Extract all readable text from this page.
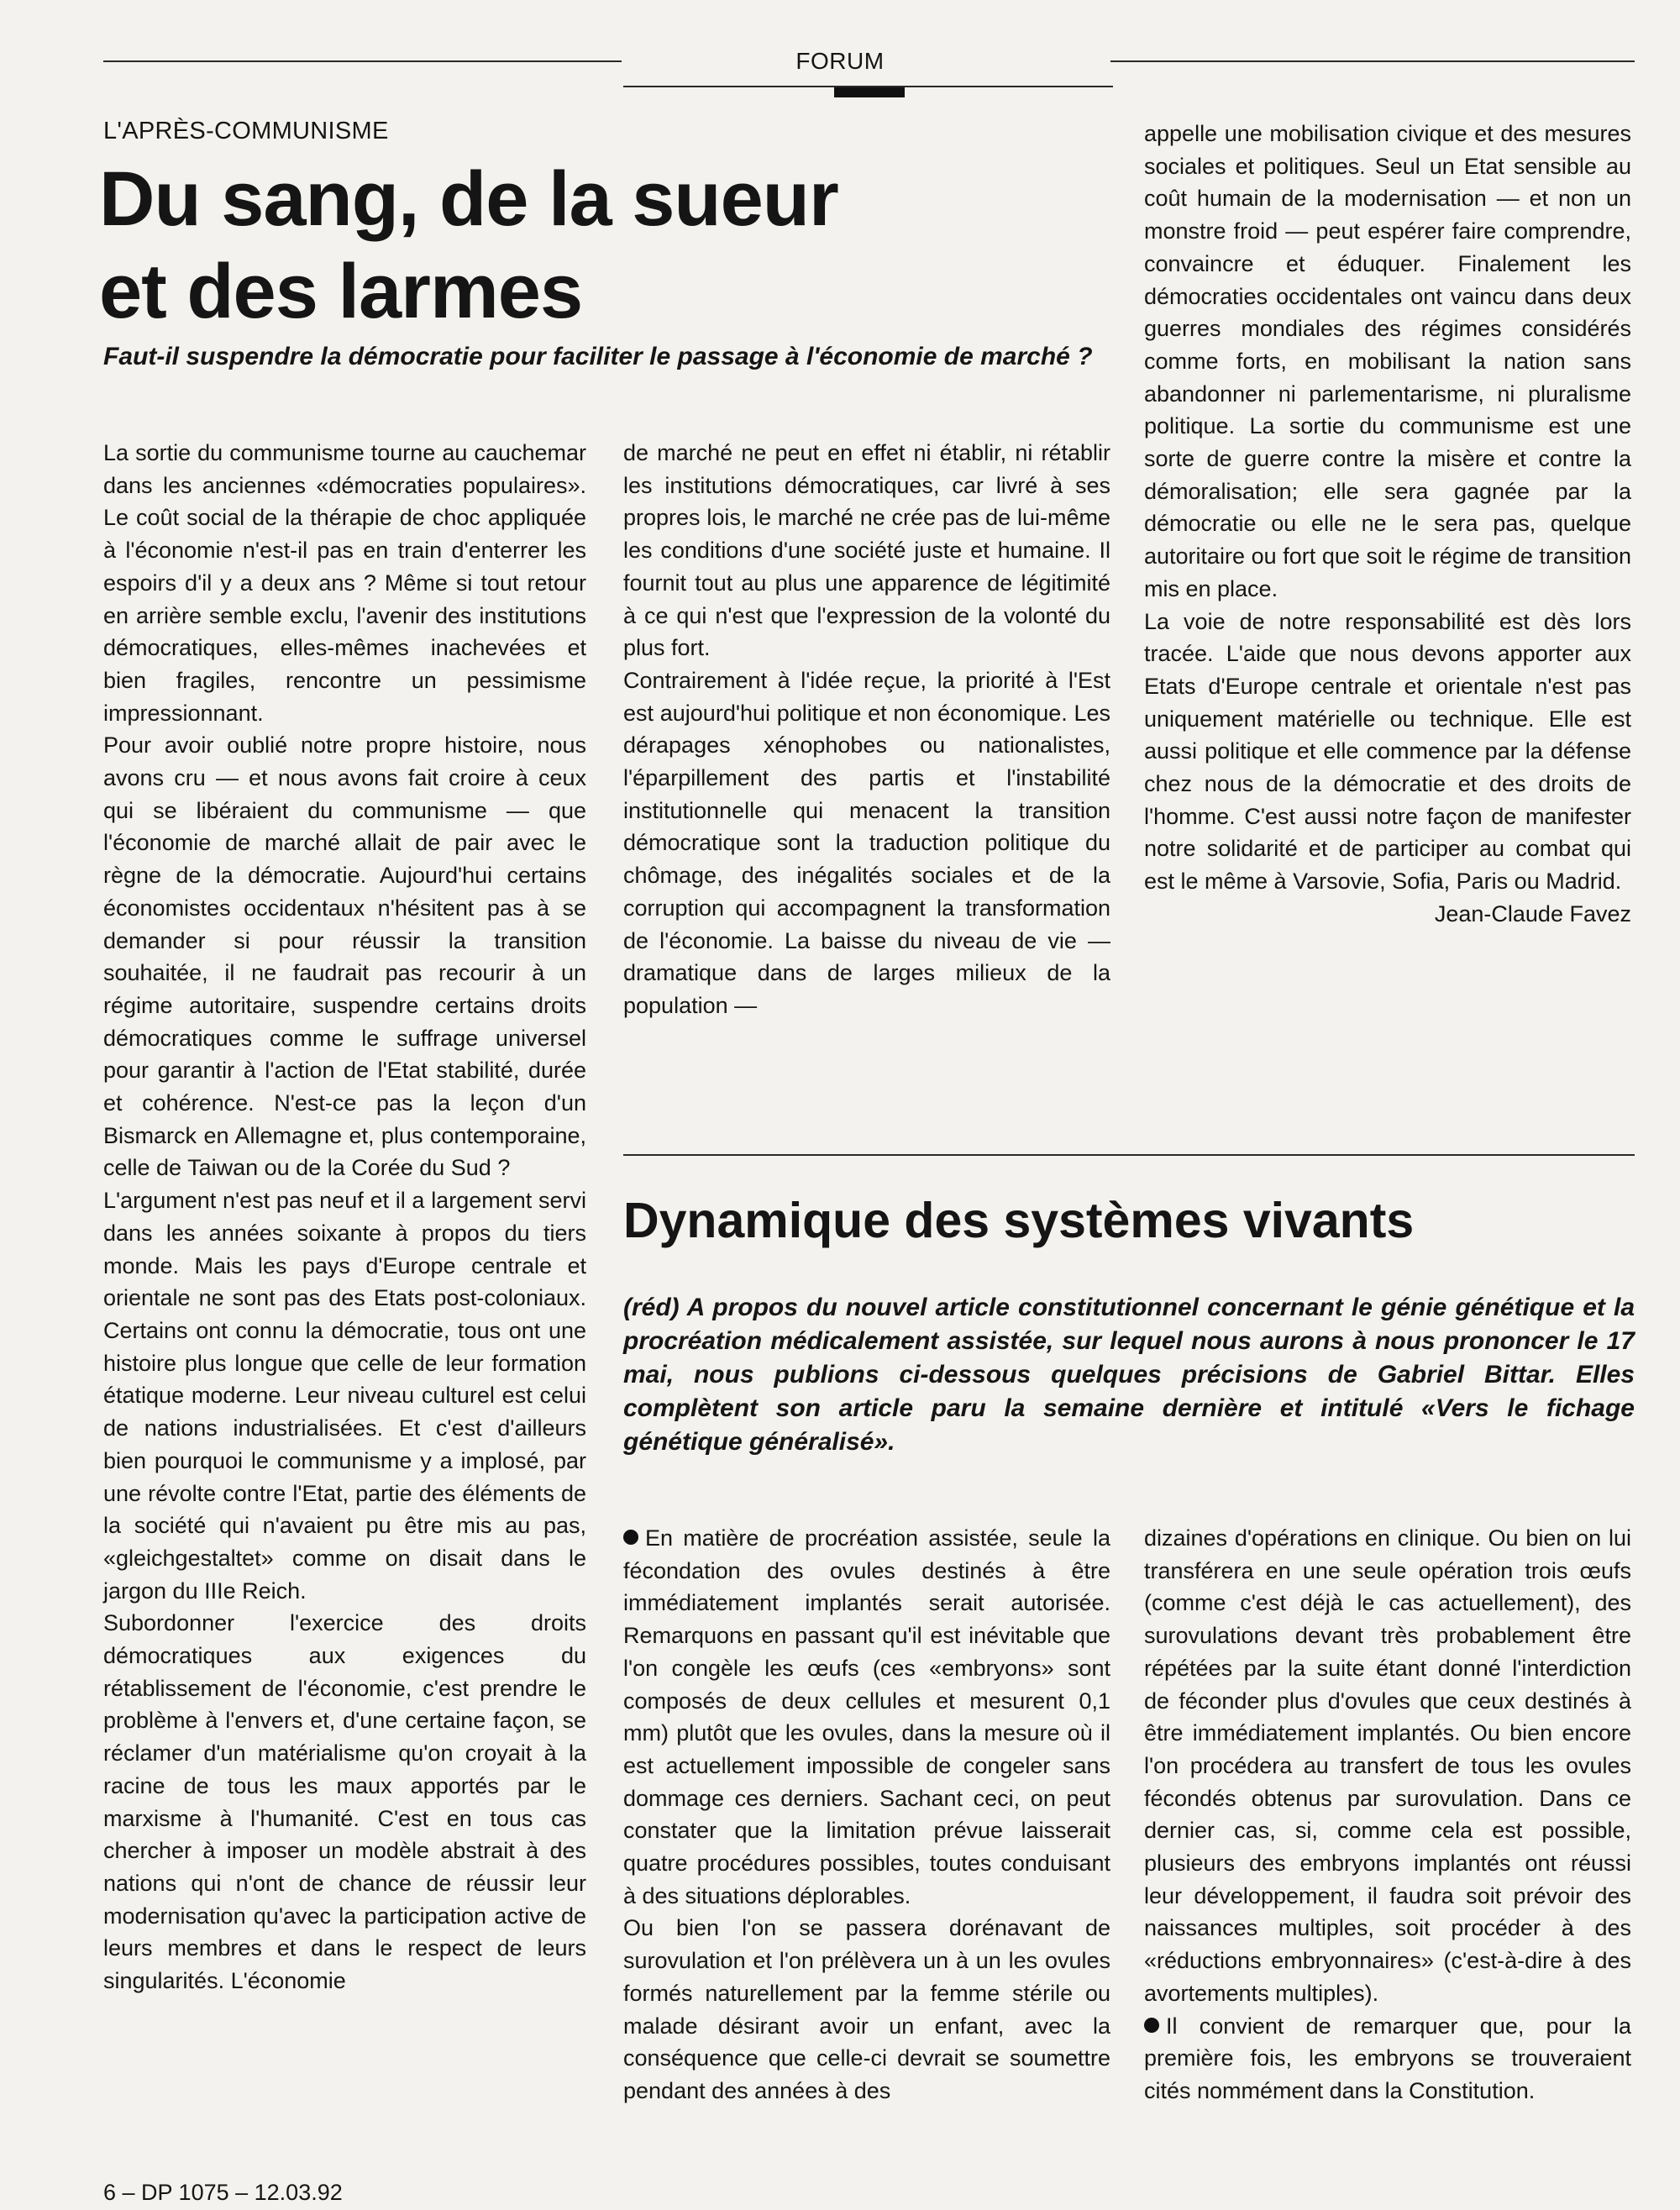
FORUM
L'APRÈS-COMMUNISME
Du sang, de la sueur
et des larmes

Faut-il suspendre la démocratie pour faciliter le passage à l'économie de marché ?

La sortie du communisme tourne au cauchemar dans les anciennes «démocraties populaires». Le coût social de la thérapie de choc appliquée à l'économie n'est-il pas en train d'enterrer les espoirs d'il y a deux ans ? Même si tout retour en arrière semble exclu, l'avenir des institutions démocratiques, elles-mêmes inachevées et bien fragiles, rencontre un pessimisme impressionnant.

Pour avoir oublié notre propre histoire, nous avons cru — et nous avons fait croire à ceux qui se libéraient du communisme — que l'économie de marché allait de pair avec le règne de la démocratie. Aujourd'hui certains économistes occidentaux n'hésitent pas à se demander si pour réussir la transition souhaitée, il ne faudrait pas recourir à un régime autoritaire, suspendre certains droits démocratiques comme le suffrage universel pour garantir à l'action de l'Etat stabilité, durée et cohérence. N'est-ce pas la leçon d'un Bismarck en Allemagne et, plus contemporaine, celle de Taiwan ou de la Corée du Sud ?

L'argument n'est pas neuf et il a largement servi dans les années soixante à propos du tiers monde. Mais les pays d'Europe centrale et orientale ne sont pas des Etats post-coloniaux. Certains ont connu la démocratie, tous ont une histoire plus longue que celle de leur formation étatique moderne. Leur niveau culturel est celui de nations industrialisées. Et c'est d'ailleurs bien pourquoi le communisme y a implosé, par une révolte contre l'Etat, partie des éléments de la société qui n'avaient pu être mis au pas, «gleichgestaltet» comme on disait dans le jargon du IIIe Reich.

Subordonner l'exercice des droits démocratiques aux exigences du rétablissement de l'économie, c'est prendre le problème à l'envers et, d'une certaine façon, se réclamer d'un matérialisme qu'on croyait à la racine de tous les maux apportés par le marxisme à l'humanité. C'est en tous cas chercher à imposer un modèle abstrait à des nations qui n'ont de chance de réussir leur modernisation qu'avec la participation active de leurs membres et dans le respect de leurs singularités. L'économie

de marché ne peut en effet ni établir, ni rétablir les institutions démocratiques, car livré à ses propres lois, le marché ne crée pas de lui-même les conditions d'une société juste et humaine. Il fournit tout au plus une apparence de légitimité à ce qui n'est que l'expression de la volonté du plus fort.

Contrairement à l'idée reçue, la priorité à l'Est est aujourd'hui politique et non économique. Les dérapages xénophobes ou nationalistes, l'éparpillement des partis et l'instabilité institutionnelle qui menacent la transition démocratique sont la traduction politique du chômage, des inégalités sociales et de la corruption qui accompagnent la transformation de l'économie. La baisse du niveau de vie — dramatique dans de larges milieux de la population —

appelle une mobilisation civique et des mesures sociales et politiques. Seul un Etat sensible au coût humain de la modernisation — et non un monstre froid — peut espérer faire comprendre, convaincre et éduquer. Finalement les démocraties occidentales ont vaincu dans deux guerres mondiales des régimes considérés comme forts, en mobilisant la nation sans abandonner ni parlementarisme, ni pluralisme politique. La sortie du communisme est une sorte de guerre contre la misère et contre la démoralisation; elle sera gagnée par la démocratie ou elle ne le sera pas, quelque autoritaire ou fort que soit le régime de transition mis en place.

La voie de notre responsabilité est dès lors tracée. L'aide que nous devons apporter aux Etats d'Europe centrale et orientale n'est pas uniquement matérielle ou technique. Elle est aussi politique et elle commence par la défense chez nous de la démocratie et des droits de l'homme. C'est aussi notre façon de manifester notre solidarité et de participer au combat qui est le même à Varsovie, Sofia, Paris ou Madrid.

Jean-Claude Favez

Dynamique des systèmes vivants

(réd) A propos du nouvel article constitutionnel concernant le génie génétique et la procréation médicalement assistée, sur lequel nous aurons à nous prononcer le 17 mai, nous publions ci-dessous quelques précisions de Gabriel Bittar. Elles complètent son article paru la semaine dernière et intitulé «Vers le fichage génétique généralisé».

En matière de procréation assistée, seule la fécondation des ovules destinés à être immédiatement implantés serait autorisée. Remarquons en passant qu'il est inévitable que l'on congèle les œufs (ces «embryons» sont composés de deux cellules et mesurent 0,1 mm) plutôt que les ovules, dans la mesure où il est actuellement impossible de congeler sans dommage ces derniers. Sachant ceci, on peut constater que la limitation prévue laisserait quatre procédures possibles, toutes conduisant à des situations déplorables.

Ou bien l'on se passera dorénavant de surovulation et l'on prélèvera un à un les ovules formés naturellement par la femme stérile ou malade désirant avoir un enfant, avec la conséquence que celle-ci devrait se soumettre pendant des années à des

dizaines d'opérations en clinique. Ou bien on lui transférera en une seule opération trois œufs (comme c'est déjà le cas actuellement), des surovulations devant très probablement être répétées par la suite étant donné l'interdiction de féconder plus d'ovules que ceux destinés à être immédiatement implantés. Ou bien encore l'on procédera au transfert de tous les ovules fécondés obtenus par surovulation. Dans ce dernier cas, si, comme cela est possible, plusieurs des embryons implantés ont réussi leur développement, il faudra soit prévoir des naissances multiples, soit procéder à des «réductions embryonnaires» (c'est-à-dire à des avortements multiples).

Il convient de remarquer que, pour la première fois, les embryons se trouveraient cités nommément dans la Constitution.

6 – DP 1075 – 12.03.92
